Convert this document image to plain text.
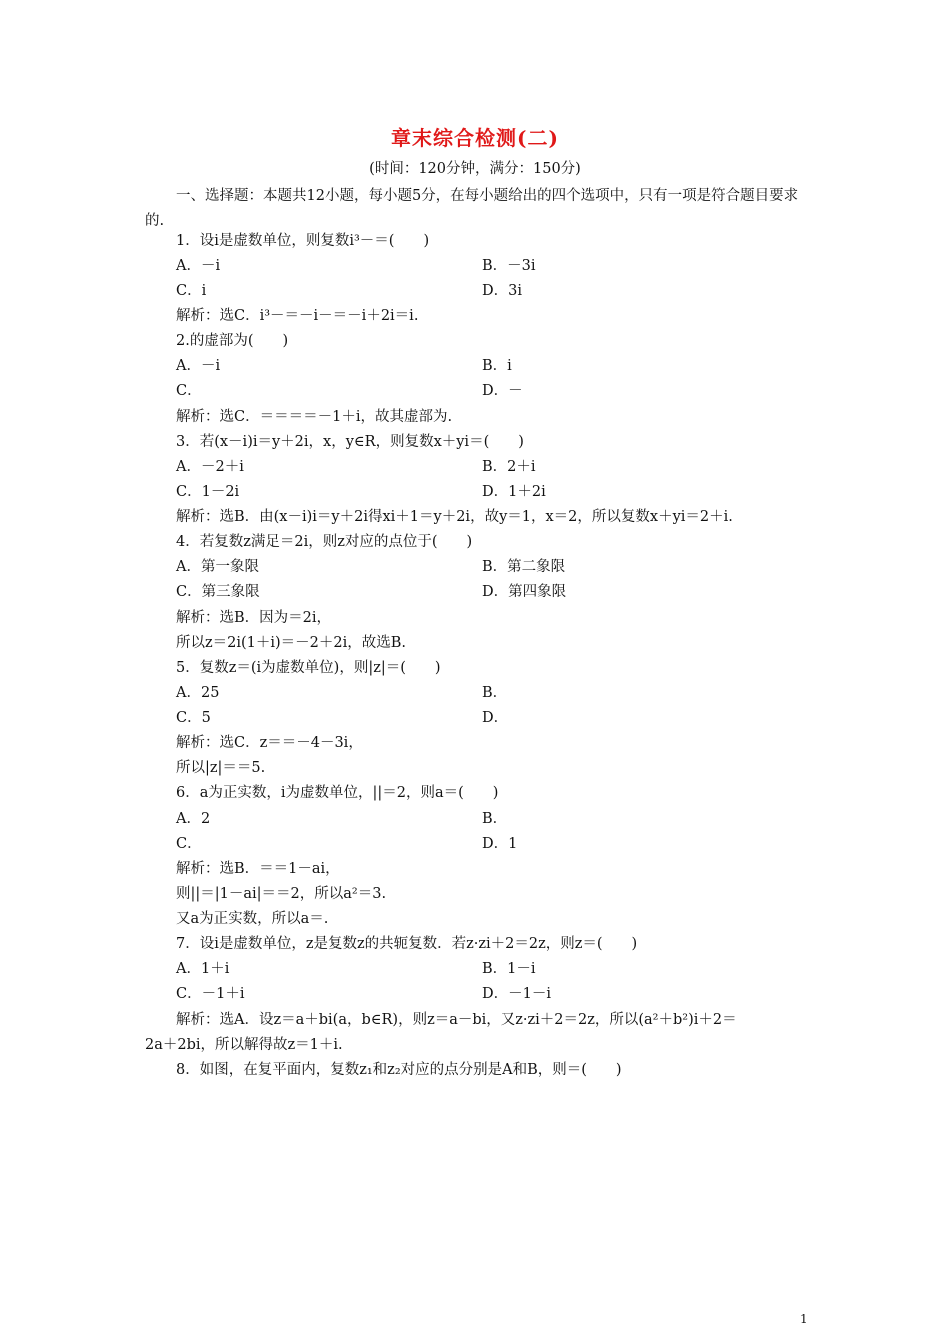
章末综合检测(二)
(时间：120分钟，满分：150分)
一、选择题：本题共12小题，每小题5分，在每小题给出的四个选项中，只有一项是符合题目要求的.
1．设i是虚数单位，则复数i³－＝(　　)
A．－i	B．－3i
C．i	D．3i
解析：选C．i³－＝－i－＝－i＋2i＝i.
2.的虚部为(　　)
A．－i	B．i
C．	D．－
解析：选C．＝＝＝＝－1＋i，故其虚部为.
3．若(x－i)i＝y＋2i，x，y∈R，则复数x＋yi＝(　　)
A．－2＋i	B．2＋i
C．1－2i	D．1＋2i
解析：选B．由(x－i)i＝y＋2i得xi＋1＝y＋2i，故y＝1，x＝2，所以复数x＋yi＝2＋i.
4．若复数z满足＝2i，则z对应的点位于(　　)
A．第一象限	B．第二象限
C．第三象限	D．第四象限
解析：选B．因为＝2i，
所以z＝2i(1＋i)＝－2＋2i，故选B.
5．复数z＝(i为虚数单位)，则|z|＝(　　)
A．25	B．
C．5	D．
解析：选C．z＝＝－4－3i，
所以|z|＝＝5.
6．a为正实数，i为虚数单位，||＝2，则a＝(　　)
A．2	B．
C．	D．1
解析：选B．＝＝1－ai，
则||＝|1－ai|＝＝2，所以a²＝3.
又a为正实数，所以a＝.
7．设i是虚数单位，z是复数z的共轭复数．若z·zi＋2＝2z，则z＝(　　)
A．1＋i	B．1－i
C．－1＋i	D．－1－i
解析：选A．设z＝a＋bi(a，b∈R)，则z＝a－bi，又z·zi＋2＝2z，所以(a²＋b²)i＋2＝
2a＋2bi，所以解得故z＝1＋i.
8．如图，在复平面内，复数z₁和z₂对应的点分别是A和B，则＝(　　)
1
